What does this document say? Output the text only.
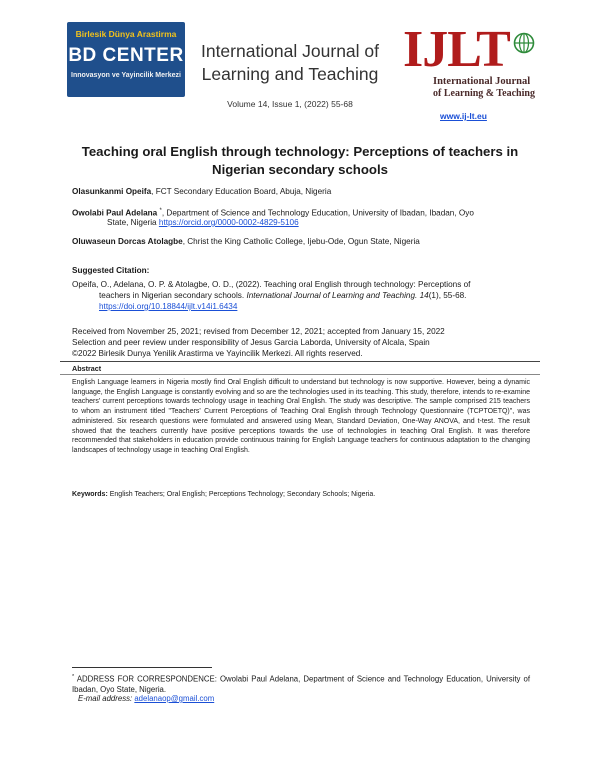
Birlesik Dünya Arastirma
BD CENTER
Innovasyon ve Yayincilik Merkezi
International Journal of
Learning and Teaching
Volume 14, Issue 1, (2022) 55-68
IJLT
International Journal
of Learning & Teaching
www.ij-lt.eu
Teaching oral English through technology: Perceptions of teachers in
Nigerian secondary schools
Olasunkanmi Opeifa, FCT Secondary Education Board, Abuja, Nigeria
Owolabi Paul Adelana *, Department of Science and Technology Education, University of Ibadan, Ibadan, Oyo
State, Nigeria https://orcid.org/0000-0002-4829-5106
Oluwaseun Dorcas Atolagbe, Christ the King Catholic College, Ijebu-Ode, Ogun State, Nigeria
Suggested Citation:
Opeifa, O., Adelana, O. P. & Atolagbe, O. D., (2022). Teaching oral English through technology: Perceptions of
teachers in Nigerian secondary schools. International Journal of Learning and Teaching. 14(1), 55-68.
https://doi.org/10.18844/ijlt.v14i1.6434
Received from November 25, 2021; revised from December 12, 2021; accepted from January 15, 2022
Selection and peer review under responsibility of Jesus Garcia Laborda, University of Alcala, Spain
©2022 Birlesik Dunya Yenilik Arastirma ve Yayincilik Merkezi. All rights reserved.
Abstract
English Language learners in Nigeria mostly find Oral English difficult to understand but technology is now supportive. However, being a dynamic language, the English Language is constantly evolving and so are the technologies used in its teaching. This study, therefore, intends to re-examine teachers' current perceptions towards technology usage in teaching Oral English. The study was descriptive. The sample comprised 215 teachers to whom an instrument titled "Teachers' Current Perceptions of Teaching Oral English through Technology Questionnaire (TCPTOETQ)", was administered. Six research questions were formulated and answered using Mean, Standard Deviation, One-Way ANOVA, and t-test. The result showed that the teachers currently have positive perceptions towards the use of technologies in teaching Oral English. It was therefore recommended that stakeholders in education provide continuous training for English Language teachers for continuous adaptation to the changing landscapes of technology usage in teaching Oral English.
Keywords: English Teachers; Oral English; Perceptions Technology; Secondary Schools; Nigeria.
* ADDRESS FOR CORRESPONDENCE: Owolabi Paul Adelana, Department of Science and Technology Education, University of Ibadan, Oyo State, Nigeria.
E-mail address: adelanaop@gmail.com
